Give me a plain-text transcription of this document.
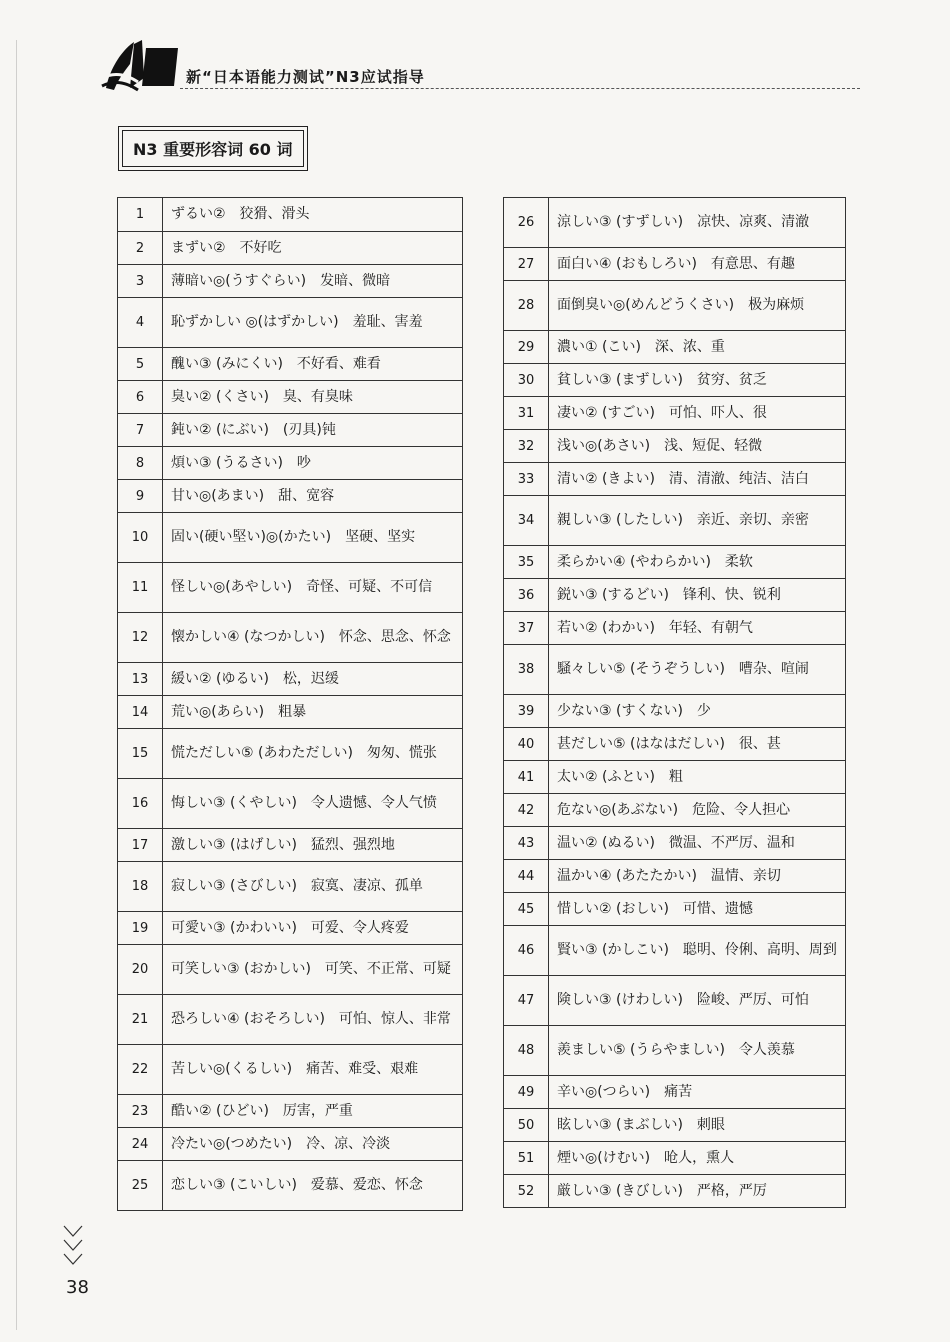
新“日本语能力测试”N3应试指导
N3 重要形容词 60 词
1	ずるい②　狡猾、滑头
2	まずい②　不好吃
3	薄暗い◎(うすぐらい)　发暗、微暗
4	恥ずかしい ◎(はずかしい)　羞耻、害羞
5	醜い③ (みにくい)　不好看、难看
6	臭い② (くさい)　臭、有臭味
7	鈍い② (にぶい)　(刃具)钝
8	煩い③ (うるさい)　吵
9	甘い◎(あまい)　甜、宽容
10	固い(硬い堅い)◎(かたい)　坚硬、坚实
11	怪しい◎(あやしい)　奇怪、可疑、不可信
12	懐かしい④ (なつかしい)　怀念、思念、怀念
13	緩い② (ゆるい)　松，迟缓
14	荒い◎(あらい)　粗暴
15	慌ただしい⑤ (あわただしい)　匆匆、慌张
16	悔しい③ (くやしい)　令人遗憾、令人气愤
17	激しい③ (はげしい)　猛烈、强烈地
18	寂しい③ (さびしい)　寂寞、凄凉、孤单
19	可愛い③ (かわいい)　可爱、令人疼爱
20	可笑しい③ (おかしい)　可笑、不正常、可疑
21	恐ろしい④ (おそろしい)　可怕、惊人、非常
22	苦しい◎(くるしい)　痛苦、难受、艰难
23	酷い② (ひどい)　厉害，严重
24	冷たい◎(つめたい)　冷、凉、冷淡
25	恋しい③ (こいしい)　爱慕、爱恋、怀念
26	涼しい③ (すずしい)　凉快、凉爽、清澈
27	面白い④ (おもしろい)　有意思、有趣
28	面倒臭い◎(めんどうくさい)　极为麻烦
29	濃い① (こい)　深、浓、重
30	貧しい③ (まずしい)　贫穷、贫乏
31	凄い② (すごい)　可怕、吓人、很
32	浅い◎(あさい)　浅、短促、轻微
33	清い② (きよい)　清、清澈、纯洁、洁白
34	親しい③ (したしい)　亲近、亲切、亲密
35	柔らかい④ (やわらかい)　柔软
36	鋭い③ (するどい)　锋利、快、锐利
37	若い② (わかい)　年轻、有朝气
38	騒々しい⑤ (そうぞうしい)　嘈杂、喧闹
39	少ない③ (すくない)　少
40	甚だしい⑤ (はなはだしい)　很、甚
41	太い② (ふとい)　粗
42	危ない◎(あぶない)　危险、令人担心
43	温い② (ぬるい)　微温、不严厉、温和
44	温かい④ (あたたかい)　温情、亲切
45	惜しい② (おしい)　可惜、遗憾
46	賢い③ (かしこい)　聪明、伶俐、高明、周到
47	険しい③ (けわしい)　险峻、严厉、可怕
48	羨ましい⑤ (うらやましい)　令人羡慕
49	辛い◎(つらい)　痛苦
50	眩しい③ (まぶしい)　刺眼
51	煙い◎(けむい)　呛人，熏人
52	厳しい③ (きびしい)　严格，严厉
38
